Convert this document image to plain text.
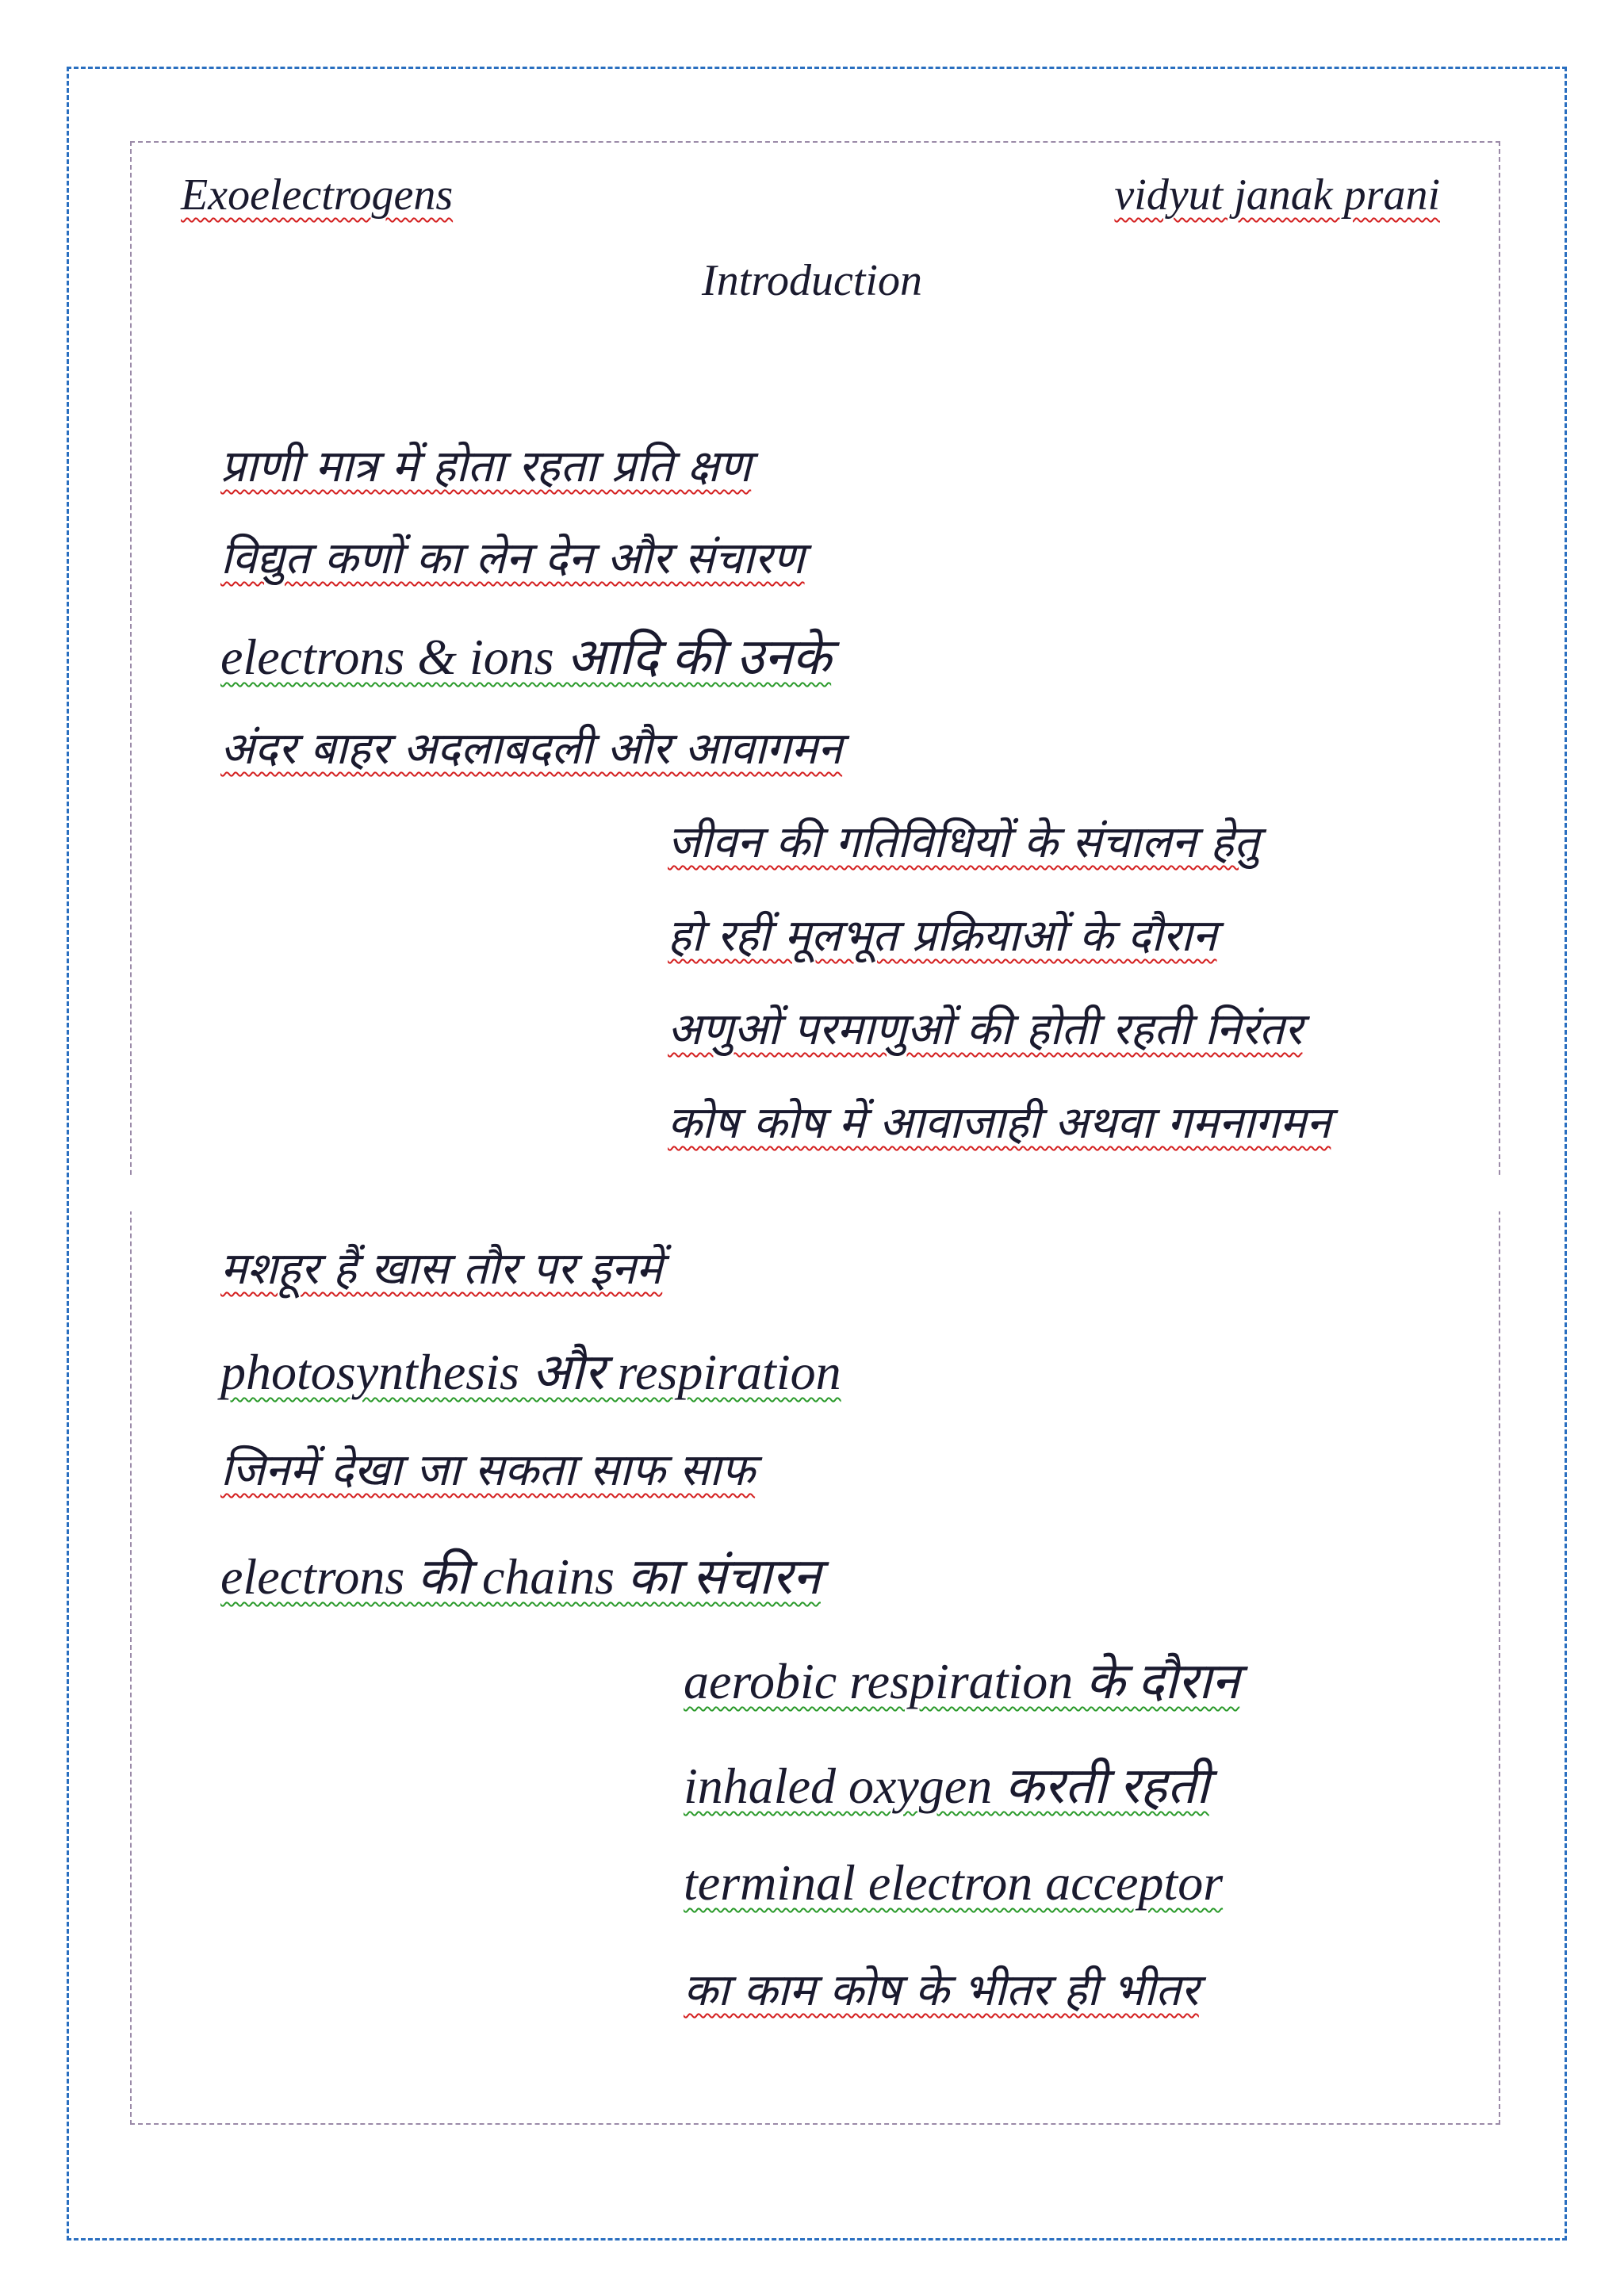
Exoelectrogens	vidyut janak prani
Introduction
प्राणी मात्र में होता रहता प्रति क्षण
विद्युत कणों का लेन देन और संचारण
electrons & ions आदि की उनके
अंदर बाहर अदलाबदली और आवागमन
जीवन की गतिविधियों के संचालन हेतु
हो रहीं मूलभूत प्रक्रियाओं के दौरान
अणुओं परमाणुओं की होती रहती निरंतर
कोष कोष में आवाजाही अथवा गमनागमन
मशहूर हैं खास तौर पर इनमें
photosynthesis और respiration
जिनमें देखा जा सकता साफ साफ
electrons की chains का संचारन
aerobic respiration के दौरान
inhaled oxygen करती रहती
terminal electron acceptor
का काम कोष के भीतर ही भीतर
